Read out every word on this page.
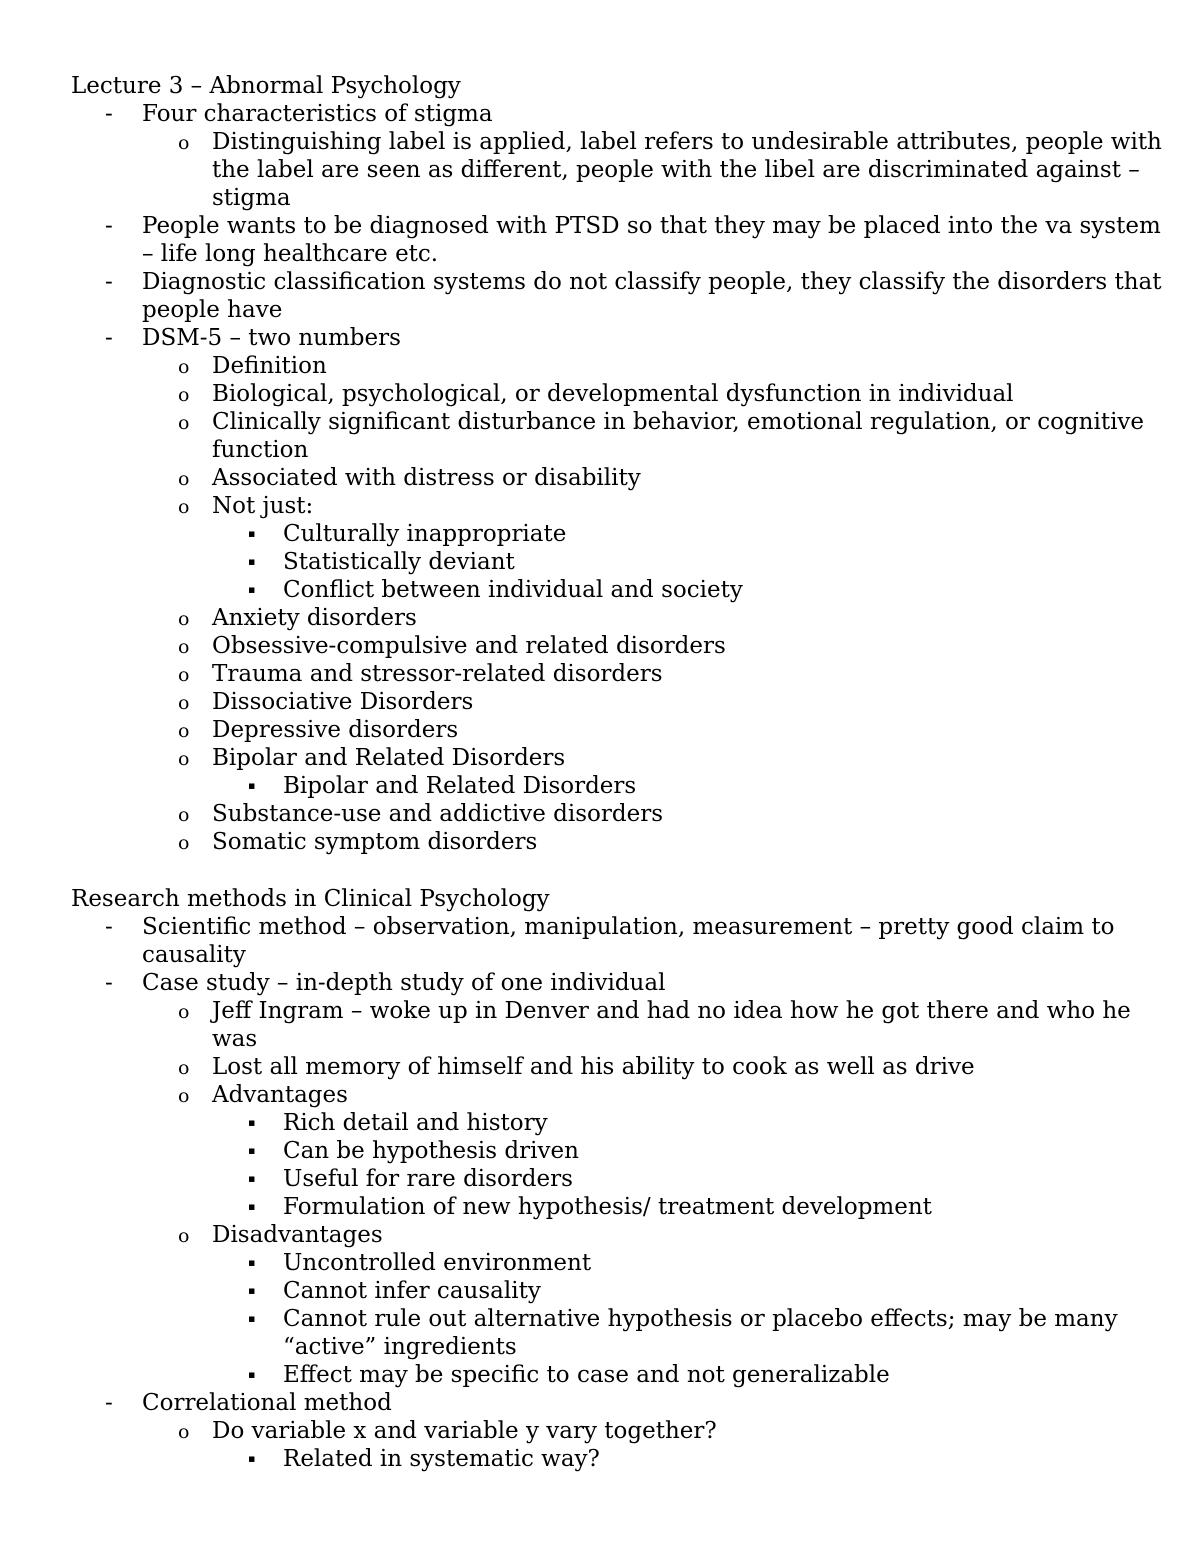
Lecture 3 – Abnormal Psychology
- Four characteristics of stigma
o Distinguishing label is applied, label refers to undesirable attributes, people with the label are seen as different, people with the libel are discriminated against – stigma
- People wants to be diagnosed with PTSD so that they may be placed into the va system – life long healthcare etc.
- Diagnostic classification systems do not classify people, they classify the disorders that people have
- DSM-5 – two numbers
o Definition
o Biological, psychological, or developmental dysfunction in individual
o Clinically significant disturbance in behavior, emotional regulation, or cognitive function
o Associated with distress or disability
o Not just:
▪ Culturally inappropriate
▪ Statistically deviant
▪ Conflict between individual and society
o Anxiety disorders
o Obsessive-compulsive and related disorders
o Trauma and stressor-related disorders
o Dissociative Disorders
o Depressive disorders
o Bipolar and Related Disorders
▪ Bipolar and Related Disorders
o Substance-use and addictive disorders
o Somatic symptom disorders
Research methods in Clinical Psychology
- Scientific method – observation, manipulation, measurement – pretty good claim to causality
- Case study – in-depth study of one individual
o Jeff Ingram – woke up in Denver and had no idea how he got there and who he was
o Lost all memory of himself and his ability to cook as well as drive
o Advantages
▪ Rich detail and history
▪ Can be hypothesis driven
▪ Useful for rare disorders
▪ Formulation of new hypothesis/ treatment development
o Disadvantages
▪ Uncontrolled environment
▪ Cannot infer causality
▪ Cannot rule out alternative hypothesis or placebo effects; may be many “active” ingredients
▪ Effect may be specific to case and not generalizable
- Correlational method
o Do variable x and variable y vary together?
▪ Related in systematic way?
